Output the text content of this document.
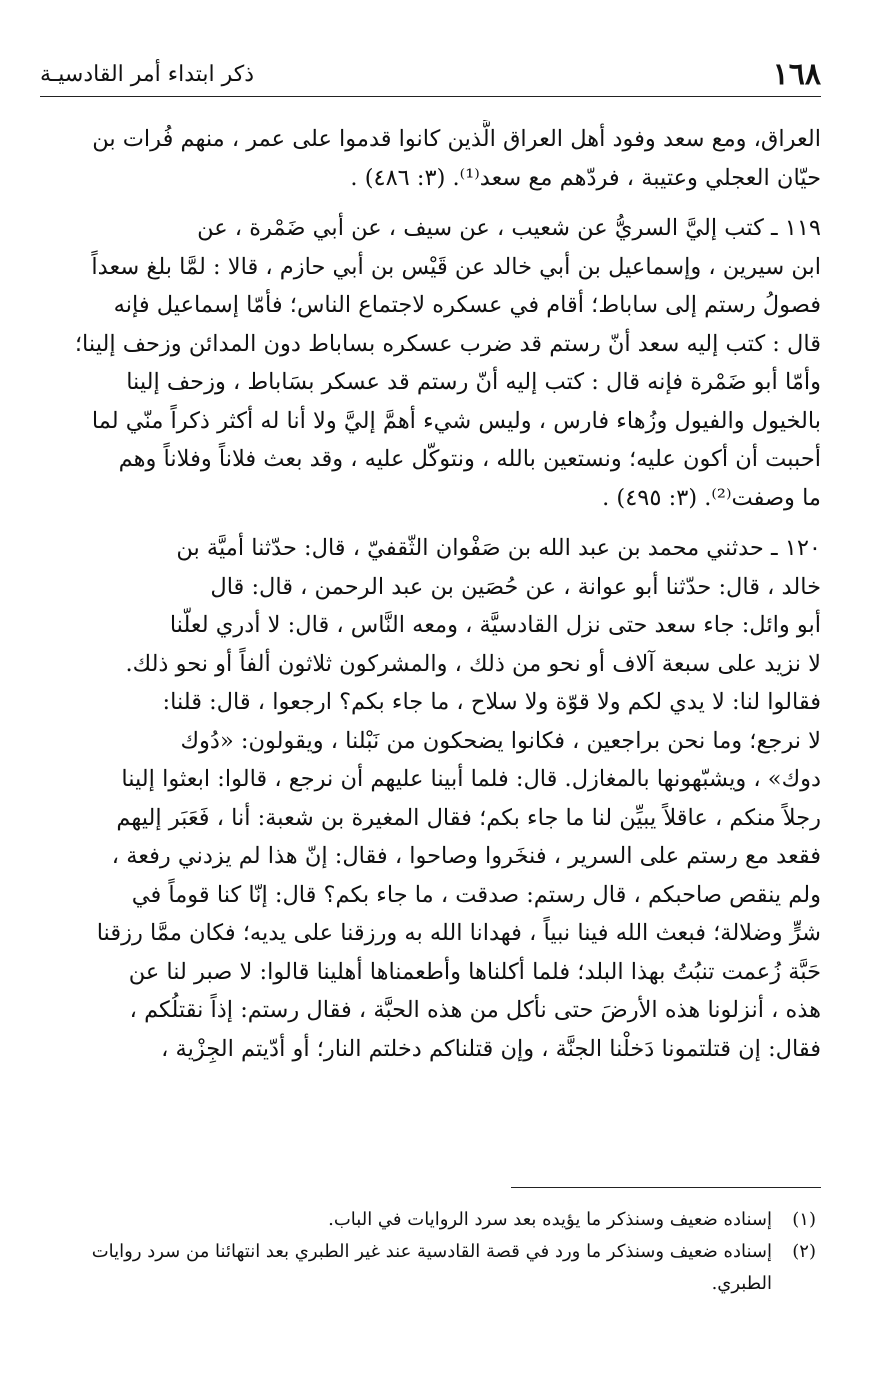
١٦٨
ذكر ابتداء أمر القادسيـة

العراق، ومع سعد وفود أهل العراق الَّذين كانوا قدموا على عمر ، منهم فُرات بن
حيّان العجلي وعتيبة ، فردّهم مع سعد⁽¹⁾. (٣: ٤٨٦) .

١١٩ ـ كتب إليَّ السريُّ عن شعيب ، عن سيف ، عن أبي ضَمْرة ، عن
ابن سيرين ، وإسماعيل بن أبي خالد عن قَيْس بن أبي حازم ، قالا : لمَّا بلغ سعداً
فصولُ رستم إلى ساباط؛ أقام في عسكره لاجتماع الناس؛ فأمّا إسماعيل فإنه
قال : كتب إليه سعد أنّ رستم قد ضرب عسكره بساباط دون المدائن وزحف إلينا؛
وأمّا أبو ضَمْرة فإنه قال : كتب إليه أنّ رستم قد عسكر بسَاباط ، وزحف إلينا
بالخيول والفيول وزُهاء فارس ، وليس شيء أهمَّ إليَّ ولا أنا له أكثر ذكراً منّي لما
أحببت أن أكون عليه؛ ونستعين بالله ، ونتوكّل عليه ، وقد بعث فلاناً وفلاناً وهم
ما وصفت⁽²⁾. (٣: ٤٩٥) .

١٢٠ ـ حدثني محمد بن عبد الله بن صَفْوان الثّقفيّ ، قال: حدّثنا أميَّة بن
خالد ، قال: حدّثنا أبو عوانة ، عن حُصَين بن عبد الرحمن ، قال: قال
أبو وائل: جاء سعد حتى نزل القادسيَّة ، ومعه النَّاس ، قال: لا أدري لعلّنا
لا نزيد على سبعة آلاف أو نحو من ذلك ، والمشركون ثلاثون ألفاً أو نحو ذلك.
فقالوا لنا: لا يدي لكم ولا قوّة ولا سلاح ، ما جاء بكم؟ ارجعوا ، قال: قلنا:
لا نرجع؛ وما نحن براجعين ، فكانوا يضحكون من نَبْلنا ، ويقولون: «دُوك
دوك» ، ويشبّهونها بالمغازل. قال: فلما أبينا عليهم أن نرجع ، قالوا: ابعثوا إلينا
رجلاً منكم ، عاقلاً يبيِّن لنا ما جاء بكم؛ فقال المغيرة بن شعبة: أنا ، فَعَبَر إليهم
فقعد مع رستم على السرير ، فنخَروا وصاحوا ، فقال: إنّ هذا لم يزدني رفعة ،
ولم ينقص صاحبكم ، قال رستم: صدقت ، ما جاء بكم؟ قال: إنّا كنا قوماً في
شرٍّ وضلالة؛ فبعث الله فينا نبياً ، فهدانا الله به ورزقنا على يديه؛ فكان ممَّا رزقنا
حَبَّة زُعمت تنبُتُ بهذا البلد؛ فلما أكلناها وأطعمناها أهلينا قالوا: لا صبر لنا عن
هذه ، أنزلونا هذه الأرضَ حتى نأكل من هذه الحبَّة ، فقال رستم: إذاً نقتلُكم ،
فقال: إن قتلتمونا دَخلْنا الجنَّة ، وإن قتلناكم دخلتم النار؛ أو أدّيتم الجِزْية ،

(١)
إسناده ضعيف وسنذكر ما يؤيده بعد سرد الروايات في الباب.
(٢)
إسناده ضعيف وسنذكر ما ورد في قصة القادسية عند غير الطبري بعد انتهائنا من سرد روايات
الطبري.
